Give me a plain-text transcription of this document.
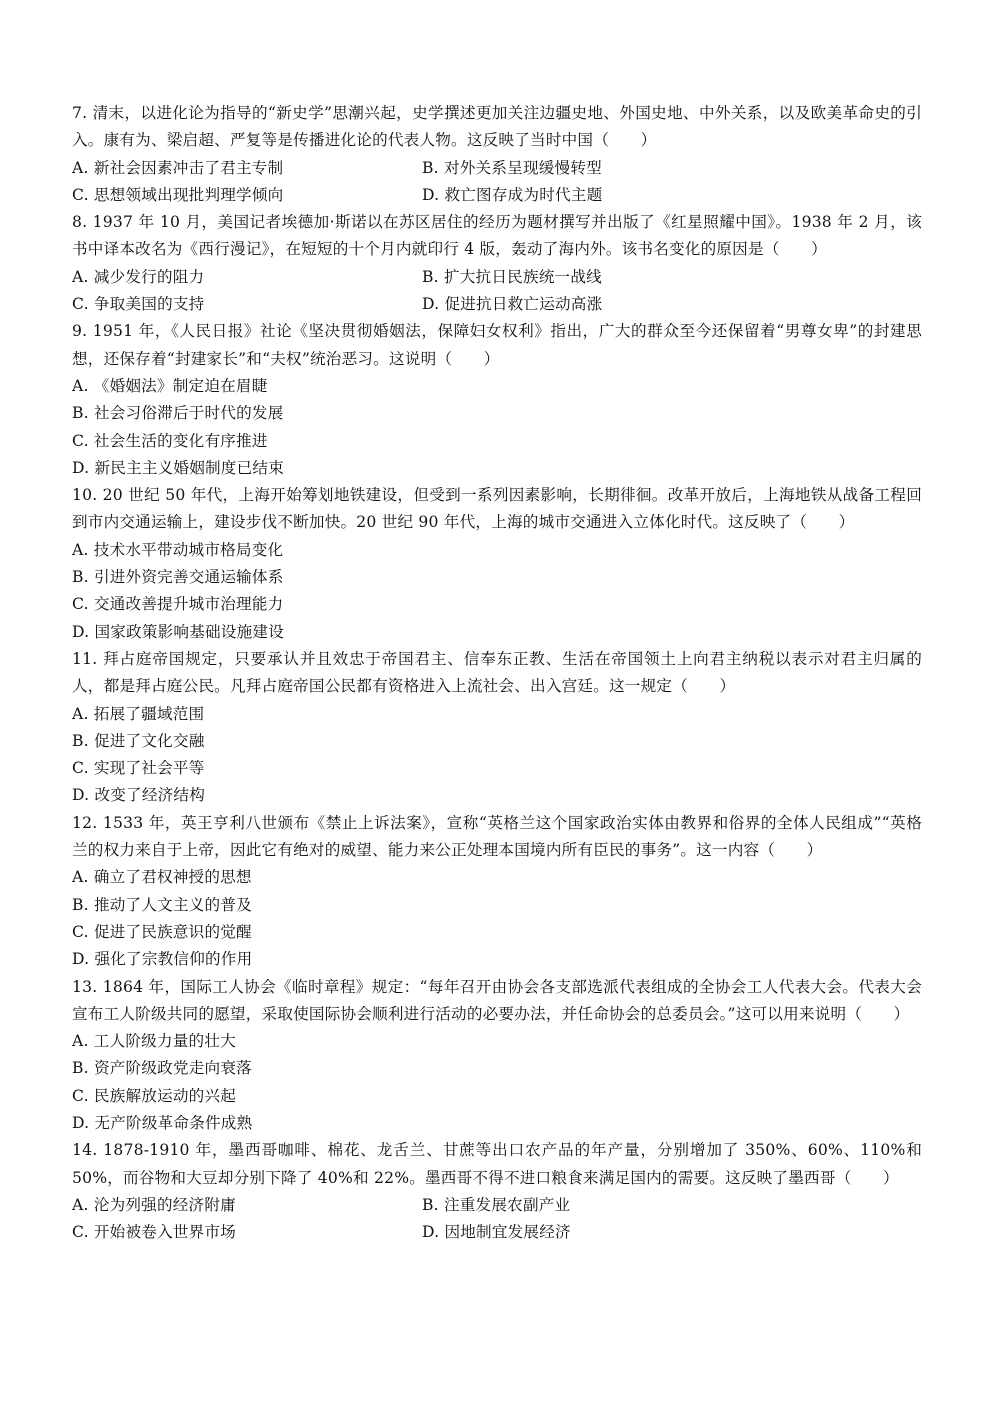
7. 清末，以进化论为指导的“新史学”思潮兴起，史学撰述更加关注边疆史地、外国史地、中外关系，以及欧美革命史的引入。康有为、梁启超、严复等是传播进化论的代表人物。这反映了当时中国（　　）
A. 新社会因素冲击了君主专制	B. 对外关系呈现缓慢转型
C. 思想领域出现批判理学倾向	D. 救亡图存成为时代主题
8. 1937 年 10 月，美国记者埃德加·斯诺以在苏区居住的经历为题材撰写并出版了《红星照耀中国》。1938 年 2 月，该书中译本改名为《西行漫记》，在短短的十个月内就印行 4 版，轰动了海内外。该书名变化的原因是（　　）
A. 减少发行的阻力	B. 扩大抗日民族统一战线
C. 争取美国的支持	D. 促进抗日救亡运动高涨
9. 1951 年，《人民日报》社论《坚决贯彻婚姻法，保障妇女权利》指出，广大的群众至今还保留着“男尊女卑”的封建思想，还保存着“封建家长”和“夫权”统治恶习。这说明（　　）
A. 《婚姻法》制定迫在眉睫
B. 社会习俗滞后于时代的发展
C. 社会生活的变化有序推进
D. 新民主主义婚姻制度已结束
10. 20 世纪 50 年代，上海开始筹划地铁建设，但受到一系列因素影响，长期徘徊。改革开放后，上海地铁从战备工程回到市内交通运输上，建设步伐不断加快。20 世纪 90 年代，上海的城市交通进入立体化时代。这反映了（　　）
A. 技术水平带动城市格局变化
B. 引进外资完善交通运输体系
C. 交通改善提升城市治理能力
D. 国家政策影响基础设施建设
11. 拜占庭帝国规定，只要承认并且效忠于帝国君主、信奉东正教、生活在帝国领土上向君主纳税以表示对君主归属的人，都是拜占庭公民。凡拜占庭帝国公民都有资格进入上流社会、出入宫廷。这一规定（　　）
A. 拓展了疆域范围
B. 促进了文化交融
C. 实现了社会平等
D. 改变了经济结构
12. 1533 年，英王亨利八世颁布《禁止上诉法案》，宣称“英格兰这个国家政治实体由教界和俗界的全体人民组成”“英格兰的权力来自于上帝，因此它有绝对的威望、能力来公正处理本国境内所有臣民的事务”。这一内容（　　）
A. 确立了君权神授的思想
B. 推动了人文主义的普及
C. 促进了民族意识的觉醒
D. 强化了宗教信仰的作用
13. 1864 年，国际工人协会《临时章程》规定：“每年召开由协会各支部选派代表组成的全协会工人代表大会。代表大会宣布工人阶级共同的愿望，采取使国际协会顺利进行活动的必要办法，并任命协会的总委员会。”这可以用来说明（　　）
A. 工人阶级力量的壮大
B. 资产阶级政党走向衰落
C. 民族解放运动的兴起
D. 无产阶级革命条件成熟
14. 1878-1910 年，墨西哥咖啡、棉花、龙舌兰、甘蔗等出口农产品的年产量，分别增加了 350%、60%、110%和 50%，而谷物和大豆却分别下降了 40%和 22%。墨西哥不得不进口粮食来满足国内的需要。这反映了墨西哥（　　）
A. 沦为列强的经济附庸	B. 注重发展农副产业
C. 开始被卷入世界市场	D. 因地制宜发展经济
